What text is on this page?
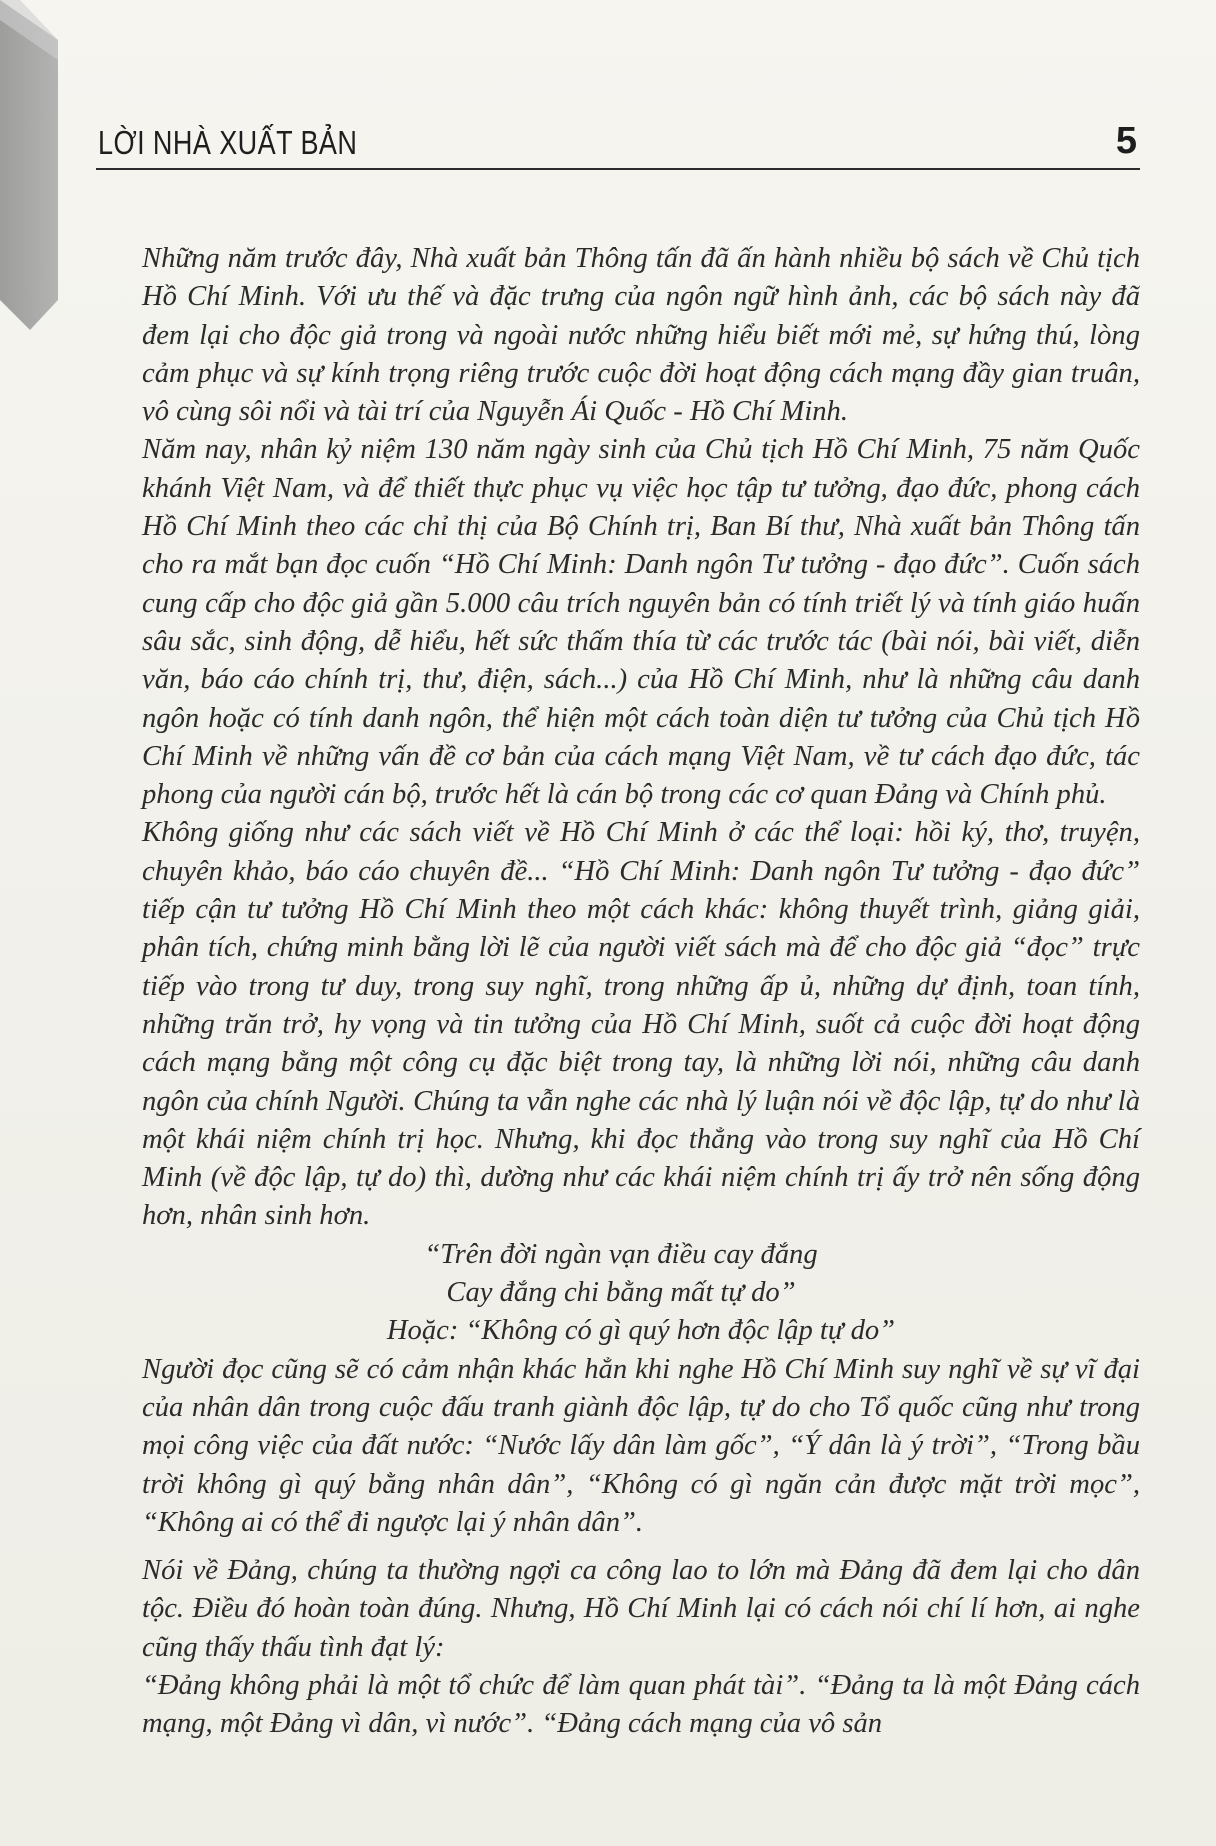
LỜI NHÀ XUẤT BẢN	5

Những năm trước đây, Nhà xuất bản Thông tấn đã ấn hành nhiều bộ sách về Chủ tịch Hồ Chí Minh. Với ưu thế và đặc trưng của ngôn ngữ hình ảnh, các bộ sách này đã đem lại cho độc giả trong và ngoài nước những hiểu biết mới mẻ, sự hứng thú, lòng cảm phục và sự kính trọng riêng trước cuộc đời hoạt động cách mạng đầy gian truân, vô cùng sôi nổi và tài trí của Nguyễn Ái Quốc - Hồ Chí Minh.

Năm nay, nhân kỷ niệm 130 năm ngày sinh của Chủ tịch Hồ Chí Minh, 75 năm Quốc khánh Việt Nam, và để thiết thực phục vụ việc học tập tư tưởng, đạo đức, phong cách Hồ Chí Minh theo các chỉ thị của Bộ Chính trị, Ban Bí thư, Nhà xuất bản Thông tấn cho ra mắt bạn đọc cuốn “Hồ Chí Minh: Danh ngôn Tư tưởng - đạo đức”. Cuốn sách cung cấp cho độc giả gần 5.000 câu trích nguyên bản có tính triết lý và tính giáo huấn sâu sắc, sinh động, dễ hiểu, hết sức thấm thía từ các trước tác (bài nói, bài viết, diễn văn, báo cáo chính trị, thư, điện, sách...) của Hồ Chí Minh, như là những câu danh ngôn hoặc có tính danh ngôn, thể hiện một cách toàn diện tư tưởng của Chủ tịch Hồ Chí Minh về những vấn đề cơ bản của cách mạng Việt Nam, về tư cách đạo đức, tác phong của người cán bộ, trước hết là cán bộ trong các cơ quan Đảng và Chính phủ.

Không giống như các sách viết về Hồ Chí Minh ở các thể loại: hồi ký, thơ, truyện, chuyên khảo, báo cáo chuyên đề... “Hồ Chí Minh: Danh ngôn Tư tưởng - đạo đức” tiếp cận tư tưởng Hồ Chí Minh theo một cách khác: không thuyết trình, giảng giải, phân tích, chứng minh bằng lời lẽ của người viết sách mà để cho độc giả “đọc” trực tiếp vào trong tư duy, trong suy nghĩ, trong những ấp ủ, những dự định, toan tính, những trăn trở, hy vọng và tin tưởng của Hồ Chí Minh, suốt cả cuộc đời hoạt động cách mạng bằng một công cụ đặc biệt trong tay, là những lời nói, những câu danh ngôn của chính Người. Chúng ta vẫn nghe các nhà lý luận nói về độc lập, tự do như là một khái niệm chính trị học. Nhưng, khi đọc thẳng vào trong suy nghĩ của Hồ Chí Minh (về độc lập, tự do) thì, dường như các khái niệm chính trị ấy trở nên sống động hơn, nhân sinh hơn.

“Trên đời ngàn vạn điều cay đắng

Cay đắng chi bằng mất tự do”

Hoặc: “Không có gì quý hơn độc lập tự do”

Người đọc cũng sẽ có cảm nhận khác hẳn khi nghe Hồ Chí Minh suy nghĩ về sự vĩ đại của nhân dân trong cuộc đấu tranh giành độc lập, tự do cho Tổ quốc cũng như trong mọi công việc của đất nước: “Nước lấy dân làm gốc”, “Ý dân là ý trời”, “Trong bầu trời không gì quý bằng nhân dân”, “Không có gì ngăn cản được mặt trời mọc”, “Không ai có thể đi ngược lại ý nhân dân”.

Nói về Đảng, chúng ta thường ngợi ca công lao to lớn mà Đảng đã đem lại cho dân tộc. Điều đó hoàn toàn đúng. Nhưng, Hồ Chí Minh lại có cách nói chí lí hơn, ai nghe cũng thấy thấu tình đạt lý:

“Đảng không phải là một tổ chức để làm quan phát tài”. “Đảng ta là một Đảng cách mạng, một Đảng vì dân, vì nước”. “Đảng cách mạng của vô sản
